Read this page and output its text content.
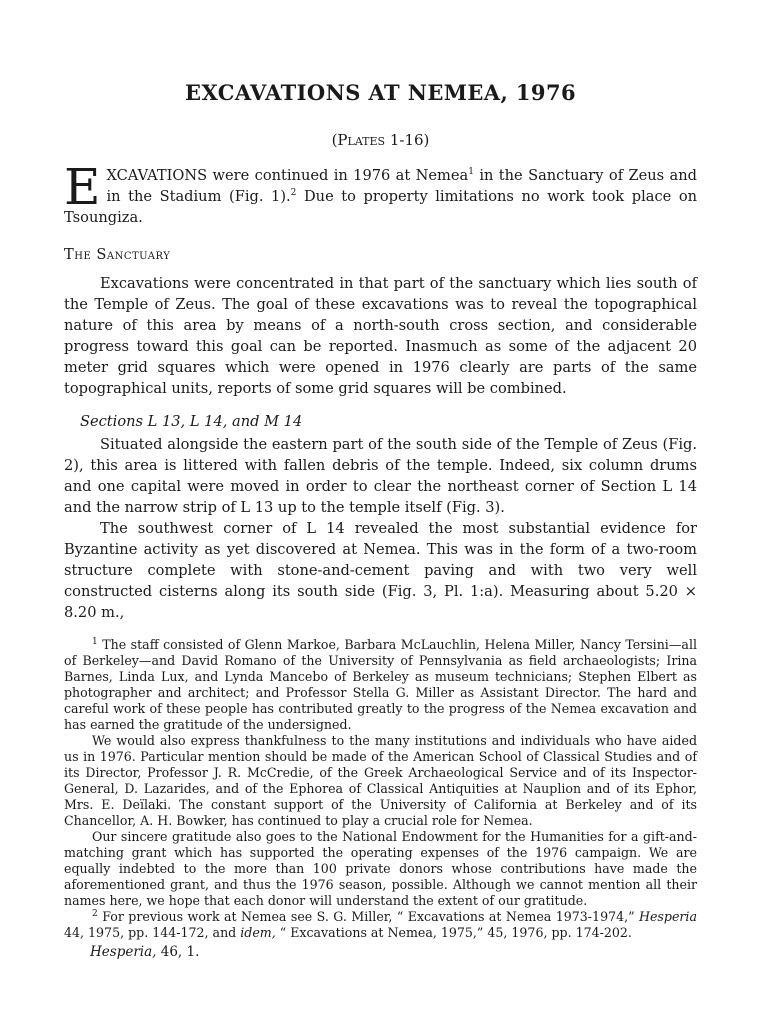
EXCAVATIONS AT NEMEA, 1976
(Plates 1-16)
E XCAVATIONS were continued in 1976 at Nemea$^1$ in the Sanctuary of Zeus and in the Stadium (Fig. 1).$^2$ Due to property limitations no work took place on Tsoungiza.
The Sanctuary

Excavations were concentrated in that part of the sanctuary which lies south of the Temple of Zeus. The goal of these excavations was to reveal the topographical nature of this area by means of a north-south cross section, and considerable progress toward this goal can be reported. Inasmuch as some of the adjacent 20 meter grid squares which were opened in 1976 clearly are parts of the same topographical units, reports of some grid squares will be combined.

Sections L 13, L 14, and M 14

Situated alongside the eastern part of the south side of the Temple of Zeus (Fig. 2), this area is littered with fallen debris of the temple. Indeed, six column drums and one capital were moved in order to clear the northeast corner of Section L 14 and the narrow strip of L 13 up to the temple itself (Fig. 3).

The southwest corner of L 14 revealed the most substantial evidence for Byzantine activity as yet discovered at Nemea. This was in the form of a two-room structure complete with stone-and-cement paving and with two very well constructed cisterns along its south side (Fig. 3, Pl. 1:a). Measuring about 5.20 × 8.20 m.,

$^1$ The staff consisted of Glenn Markoe, Barbara McLauchlin, Helena Miller, Nancy Tersini—all of Berkeley—and David Romano of the University of Pennsylvania as field archaeologists; Irina Barnes, Linda Lux, and Lynda Mancebo of Berkeley as museum technicians; Stephen Elbert as photographer and architect; and Professor Stella G. Miller as Assistant Director. The hard and careful work of these people has contributed greatly to the progress of the Nemea excavation and has earned the gratitude of the undersigned.

We would also express thankfulness to the many institutions and individuals who have aided us in 1976. Particular mention should be made of the American School of Classical Studies and of its Director, Professor J. R. McCredie, of the Greek Archaeological Service and of its Inspector-General, D. Lazarides, and of the Ephorea of Classical Antiquities at Nauplion and of its Ephor, Mrs. E. Deïlaki. The constant support of the University of California at Berkeley and of its Chancellor, A. H. Bowker, has continued to play a crucial role for Nemea.

Our sincere gratitude also goes to the National Endowment for the Humanities for a gift-and-matching grant which has supported the operating expenses of the 1976 campaign. We are equally indebted to the more than 100 private donors whose contributions have made the aforementioned grant, and thus the 1976 season, possible. Although we cannot mention all their names here, we hope that each donor will understand the extent of our gratitude.

$^2$ For previous work at Nemea see S. G. Miller, “ Excavations at Nemea 1973-1974,” Hesperia 44, 1975, pp. 144-172, and idem, “ Excavations at Nemea, 1975,” 45, 1976, pp. 174-202.

Hesperia, 46, 1.
